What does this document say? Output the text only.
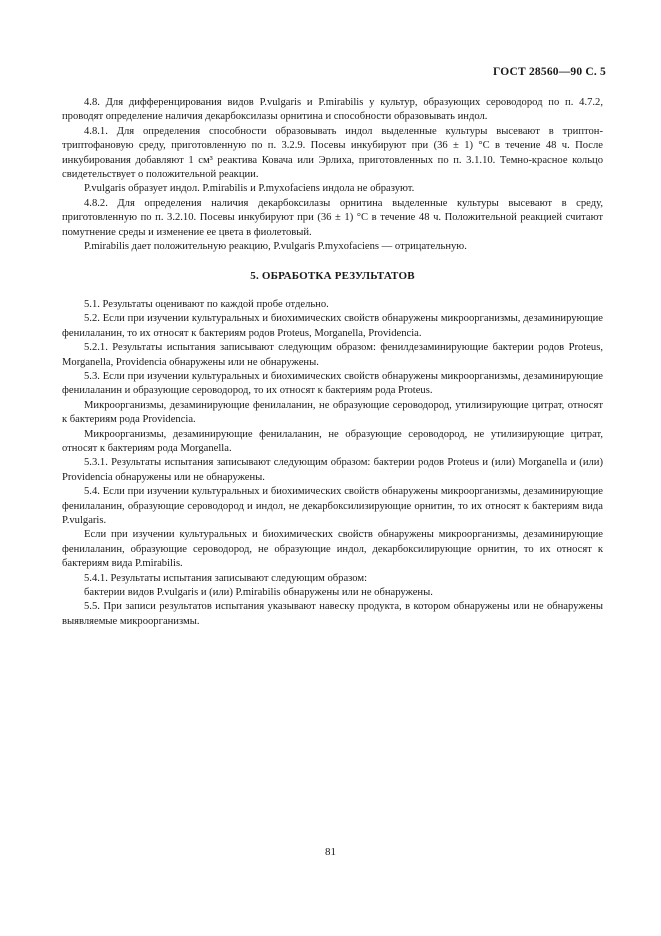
ГОСТ 28560—90 С. 5

4.8. Для дифференцирования видов P.vulgaris и P.mirabilis у культур, образующих сероводород по п. 4.7.2, проводят определение наличия декарбоксилазы орнитина и способности образовывать индол.

4.8.1. Для определения способности образовывать индол выделенные культуры высевают в триптон-триптофановую среду, приготовленную по п. 3.2.9. Посевы инкубируют при (36 ± 1) °С в течение 48 ч. После инкубирования добавляют 1 см³ реактива Ковача или Эрлиха, приготовленных по п. 3.1.10. Темно-красное кольцо свидетельствует о положительной реакции.

P.vulgaris образует индол. P.mirabilis и P.myxofaciens индола не образуют.

4.8.2. Для определения наличия декарбоксилазы орнитина выделенные культуры высевают в среду, приготовленную по п. 3.2.10. Посевы инкубируют при (36 ± 1) °С в течение 48 ч. Положительной реакцией считают помутнение среды и изменение ее цвета в фиолетовый.

P.mirabilis дает положительную реакцию, P.vulgaris P.myxofaciens — отрицательную.

5. ОБРАБОТКА РЕЗУЛЬТАТОВ

5.1. Результаты оценивают по каждой пробе отдельно.

5.2. Если при изучении культуральных и биохимических свойств обнаружены микроорганизмы, дезаминирующие фенилаланин, то их относят к бактериям родов Proteus, Morganella, Providencia.

5.2.1. Результаты испытания записывают следующим образом: фенилдезаминирующие бактерии родов Proteus, Morganella, Providencia обнаружены или не обнаружены.

5.3. Если при изучении культуральных и биохимических свойств обнаружены микроорганизмы, дезаминирующие фенилаланин и образующие сероводород, то их относят к бактериям рода Proteus.

Микроорганизмы, дезаминирующие фенилаланин, не образующие сероводород, утилизирующие цитрат, относят к бактериям рода Providencia.

Микроорганизмы, дезаминирующие фенилаланин, не образующие сероводород, не утилизирующие цитрат, относят к бактериям рода Morganella.

5.3.1. Результаты испытания записывают следующим образом: бактерии родов Proteus и (или) Morganella и (или) Providencia обнаружены или не обнаружены.

5.4. Если при изучении культуральных и биохимических свойств обнаружены микроорганизмы, дезаминирующие фенилаланин, образующие сероводород и индол, не декарбоксилизирующие орнитин, то их относят к бактериям вида P.vulgaris.

Если при изучении культуральных и биохимических свойств обнаружены микроорганизмы, дезаминирующие фенилаланин, образующие сероводород, не образующие индол, декарбоксилирующие орнитин, то их относят к бактериям вида P.mirabilis.

5.4.1. Результаты испытания записывают следующим образом:

бактерии видов P.vulgaris и (или) P.mirabilis обнаружены или не обнаружены.

5.5. При записи результатов испытания указывают навеску продукта, в котором обнаружены или не обнаружены выявляемые микроорганизмы.

81
